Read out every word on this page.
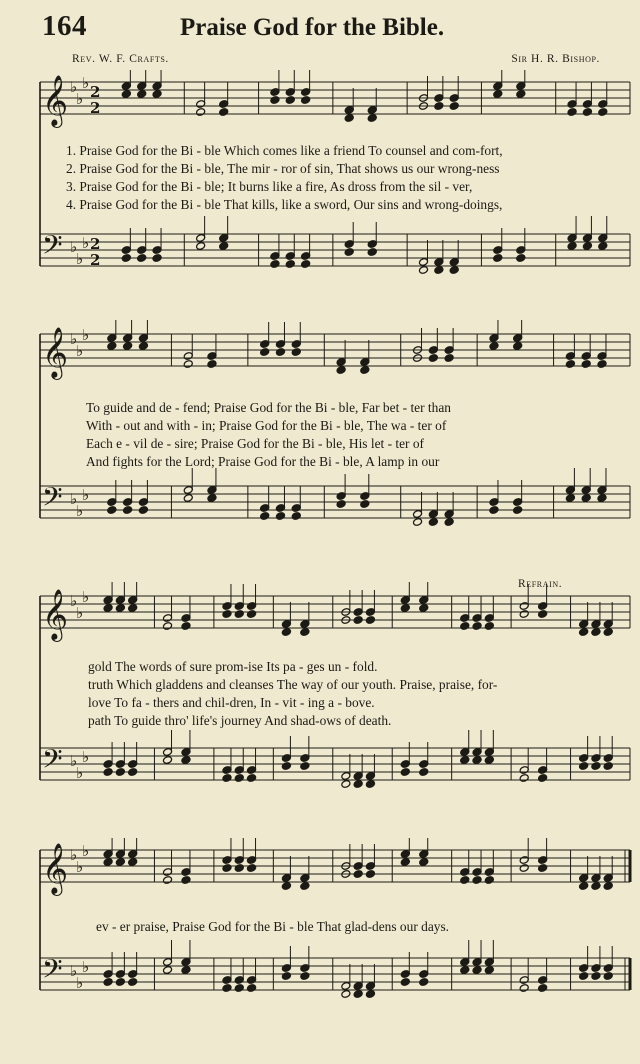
164	Praise God for the Bible.
Rev. W. F. Crafts.	Sir H. R. Bishop.
Refrain.
𝄞 ♭
♭
♭ 2
2
𝄢 ♭
♭
♭ 2
2
1. Praise God for the Bi - ble Which comes like a friend To counsel and com-fort,
2. Praise God for the Bi - ble, The mir - ror of sin, That shows us our wrong-ness
3. Praise God for the Bi - ble; It burns like a fire, As dross from the sil - ver,
4. Praise God for the Bi - ble That kills, like a sword, Our sins and wrong-doings,
𝄞 ♭
♭
♭
𝄢 ♭
♭
♭
To guide and de - fend; Praise God for the Bi - ble, Far bet - ter than
With - out and with - in; Praise God for the Bi - ble, The wa - ter of
Each e - vil de - sire; Praise God for the Bi - ble, His let - ter of
And fights for the Lord; Praise God for the Bi - ble, A lamp in our
𝄞 ♭
♭
♭
𝄢 ♭
♭
♭
gold The words of sure prom-ise Its pa - ges un - fold.
truth Which gladdens and cleanses The way of our youth. Praise, praise, for-
love To fa - thers and chil-dren, In - vit - ing a - bove.
path To guide thro' life's journey And shad-ows of death.
𝄞 ♭
♭
♭
𝄢 ♭
♭
♭
ev - er praise, Praise God for the Bi - ble That glad-dens our days.
